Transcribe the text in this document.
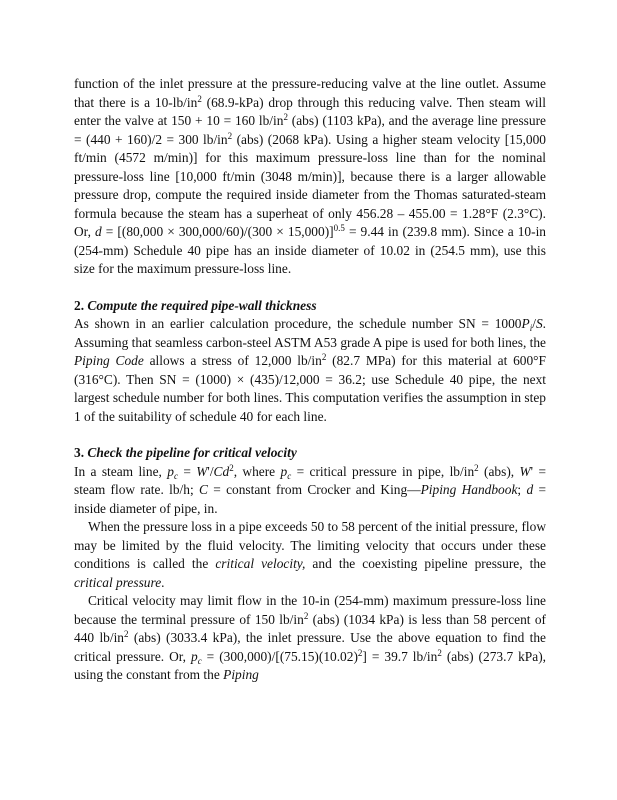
function of the inlet pressure at the pressure-reducing valve at the line outlet. Assume that there is a $10-lb/in^2$ (68.9-kPa) drop through this reducing valve. Then steam will enter the valve at 150 + 10 = 160 $lb/in^2$ (abs) (1103 kPa), and the average line pressure = (440 + 160)/2 = 300 $lb/in^2$ (abs) (2068 kPa). Using a higher steam velocity [15,000 ft/min (4572 m/min)] for this maximum pressure-loss line than for the nominal pressure-loss line [10,000 ft/min (3048 m/min)], because there is a larger allowable pressure drop, compute the required inside diameter from the Thomas saturated-steam formula because the steam has a superheat of only 456.28 – 455.00 = 1.28°F (2.3°C). Or, $d = [(80,000 \times 300,000/60)/(300 \times 15,000)]^{0.5} = 9.44$ in (239.8 mm). Since a 10-in (254-mm) Schedule 40 pipe has an inside diameter of 10.02 in (254.5 mm), use this size for the maximum pressure-loss line.

2. Compute the required pipe-wall thickness

As shown in an earlier calculation procedure, the schedule number SN = $1000P_i/S$. Assuming that seamless carbon-steel ASTM A53 grade A pipe is used for both lines, the Piping Code allows a stress of 12,000 $lb/in^2$ (82.7 MPa) for this material at 600°F (316°C). Then SN = (1000) × (435)/12,000 = 36.2; use Schedule 40 pipe, the next largest schedule number for both lines. This computation verifies the assumption in step 1 of the suitability of schedule 40 for each line.

3. Check the pipeline for critical velocity

In a steam line, $p_c = W'/Cd^2$, where $p_c$ = critical pressure in pipe, $lb/in^2$ (abs), W' = steam flow rate. lb/h; C = constant from Crocker and King—Piping Handbook; d = inside diameter of pipe, in.

When the pressure loss in a pipe exceeds 50 to 58 percent of the initial pressure, flow may be limited by the fluid velocity. The limiting velocity that occurs under these conditions is called the critical velocity, and the coexisting pipeline pressure, the critical pressure.

Critical velocity may limit flow in the 10-in (254-mm) maximum pressure-loss line because the terminal pressure of 150 $lb/in^2$ (abs) (1034 kPa) is less than 58 percent of 440 $lb/in^2$ (abs) (3033.4 kPa), the inlet pressure. Use the above equation to find the critical pressure. Or, $p_c = (300,000)/[(75.15)(10.02)^2] = 39.7$ $lb/in^2$ (abs) (273.7 kPa), using the constant from the Piping
